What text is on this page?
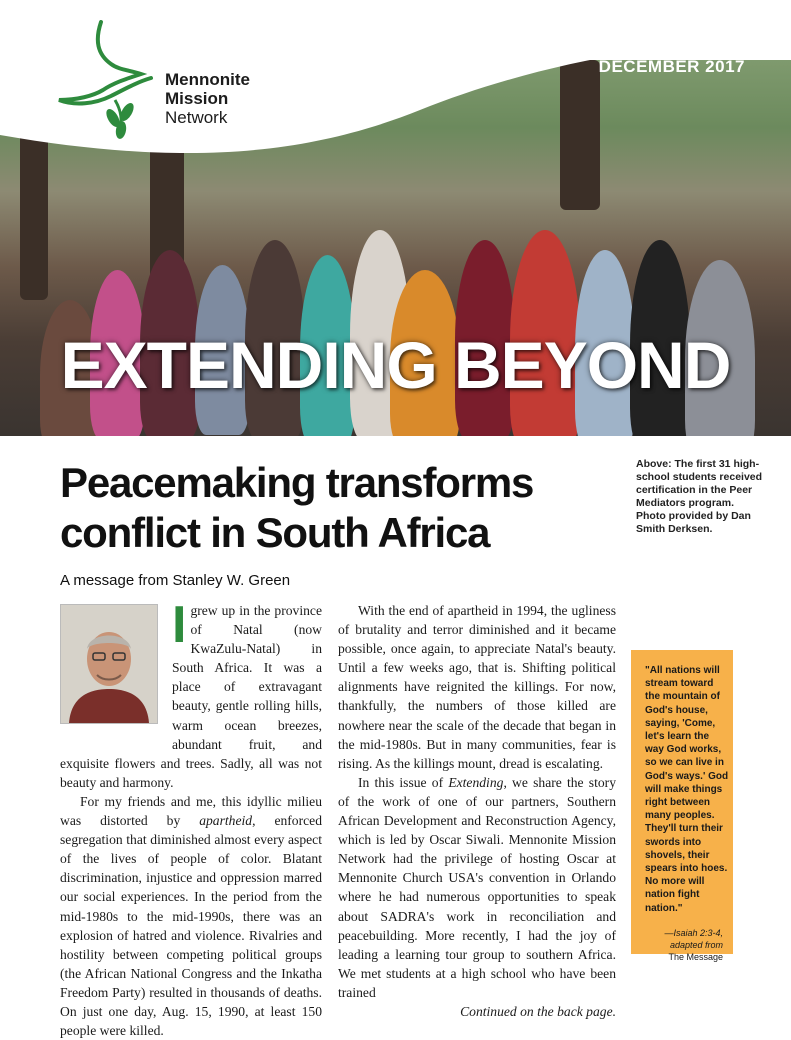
Mennonite
Mission
Network
DECEMBER 2017
EXTENDING BEYOND
Peacemaking transforms conflict in South Africa
Above: The first 31 high-school students received certification in the Peer Mediators program. Photo provided by Dan Smith Derksen.
A message from Stanley W. Green
I grew up in the province of Natal (now KwaZulu-Natal) in South Africa. It was a place of extravagant beauty, gentle rolling hills, warm ocean breezes, abundant fruit, and exquisite flowers and trees. Sadly, all was not beauty and harmony.

For my friends and me, this idyllic milieu was distorted by apartheid, enforced segregation that diminished almost every aspect of the lives of people of color. Blatant discrimination, injustice and oppression marred our social experiences. In the period from the mid-1980s to the mid-1990s, there was an explosion of hatred and violence. Rivalries and hostility between competing political groups (the African National Congress and the Inkatha Freedom Party) resulted in thousands of deaths. On just one day, Aug. 15, 1990, at least 150 people were killed.

With the end of apartheid in 1994, the ugliness of brutality and terror diminished and it became possible, once again, to appreciate Natal's beauty. Until a few weeks ago, that is. Shifting political alignments have reignited the killings. For now, thankfully, the numbers of those killed are nowhere near the scale of the decade that began in the mid-1980s. But in many communities, fear is rising. As the killings mount, dread is escalating.

In this issue of Extending, we share the story of the work of one of our partners, Southern African Development and Reconstruction Agency, which is led by Oscar Siwali. Mennonite Mission Network had the privilege of hosting Oscar at Mennonite Church USA's convention in Orlando where he had numerous opportunities to speak about SADRA's work in reconciliation and peacebuilding. More recently, I had the joy of leading a learning tour group to southern Africa. We met students at a high school who have been trained

Continued on the back page.

"All nations will stream toward the mountain of God's house, saying, 'Come, let's learn the way God works, so we can live in God's ways.' God will make things right between many peoples. They'll turn their swords into shovels, their spears into hoes. No more will nation fight nation."
—Isaiah 2:3-4,
adapted from
The Message
